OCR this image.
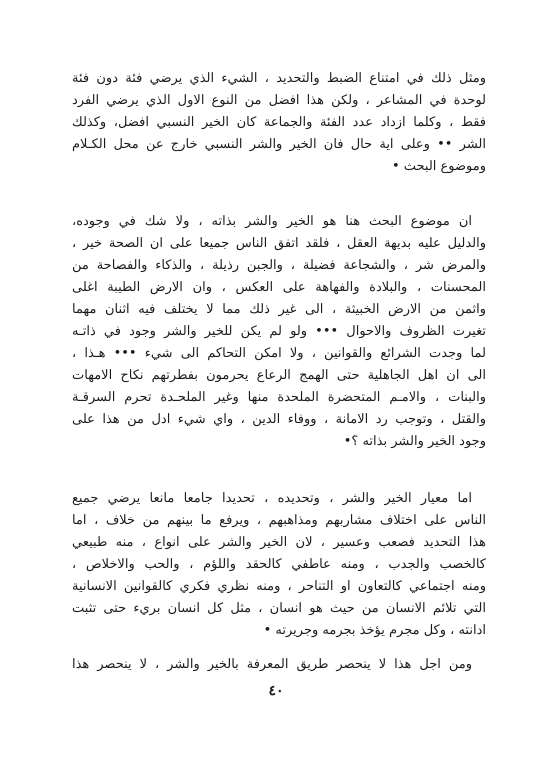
ومثل ذلك في امتناع الضبط والتحديد ، الشيء الذي يرضي فئة دون فئة
لوحدة في المشاعر ، ولكن هذا افضل من النوع الاول الذي يرضي الفرد
فقط ، وكلما ازداد عدد الفئة والجماعة كان الخير النسبي افضل، وكذلك
الشر •• وعلى اية حال فان الخير والشر النسبي خارج عن محل الكـلام
وموضوع البحث •

ان موضوع البحث هنا هو الخير والشر بذاته ، ولا شك في وجوده،
والدليل عليه بديهة العقل ، فلقد اتفق الناس جميعا على ان الصحة خير ،
والمرض شر ، والشجاعة فضيلة ، والجبن رذيلة ، والذكاء والفصاحة من
المحسنات ، والبلادة والفهاهة على العكس ، وان الارض الطيبة اغلى
واثمن من الارض الخبيثة ، الى غير ذلك مما لا يختلف فيه اثنان مهما
تغيرت الظروف والاحوال ••• ولو لم يكن للخير والشر وجود في ذاتـه
لما وجدت الشرائع والقوانين ، ولا امكن التحاكم الى شيء ••• هـذا ،
الى ان اهل الجاهلية حتى الهمج الرعاع يحرمون بفطرتهم نكاح الامهات
والبنات ، والامـم المتحضرة الملحدة منها وغير الملحـدة تحرم السرقـة
والقتل ، وتوجب رد الامانة ، ووفاء الدين ، واي شيء ادل من هذا على
وجود الخير والشر بذاته ؟•

اما معيار الخير والشر ، وتحديده ، تحديدا جامعا مانعا يرضي جميع
الناس على اختلاف مشاربهم ومذاهبهم ، ويرفع ما بينهم من خلاف ، اما
هذا التحديد فصعب وعسير ، لان الخير والشر على انواع ، منه طبيعي
كالخصب والجدب ، ومنه عاطفي كالحقد واللؤم ، والحب والاخلاص ،
ومنه اجتماعي كالتعاون او التناحر ، ومنه نظري فكري كالقوانين الانسانية
التي تلائم الانسان من حيث هو انسان ، مثل كل انسان بريء حتى تثبت
ادانته ، وكل مجرم يؤخذ بجرمه وجريرته •

ومن اجل هذا لا ينحصر طريق المعرفة بالخير والشر ، لا ينحصر هذا

٤٠
